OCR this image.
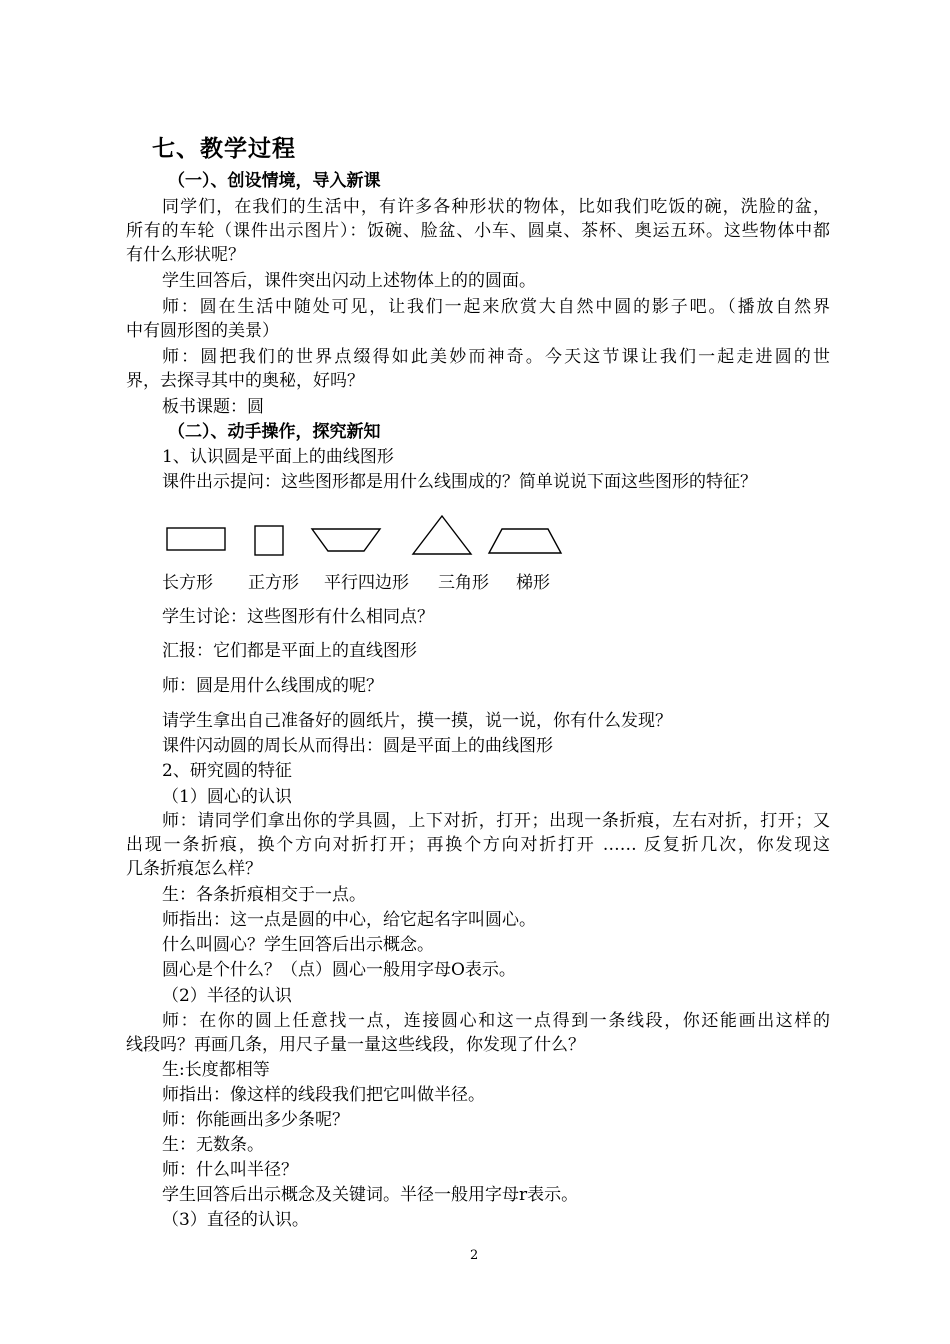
七、教学过程
（一）、创设情境，导入新课
同学们，在我们的生活中，有许多各种形状的物体，比如我们吃饭的碗，洗脸的盆，
所有的车轮（课件出示图片）：饭碗、脸盆、小车、圆桌、茶杯、奥运五环。这些物体中都
有什么形状呢？
学生回答后，课件突出闪动上述物体上的的圆面。
师：圆在生活中随处可见，让我们一起来欣赏大自然中圆的影子吧。（播放自然界
中有圆形图的美景）
师：圆把我们的世界点缀得如此美妙而神奇。今天这节课让我们一起走进圆的世
界，去探寻其中的奥秘，好吗？
板书课题：圆
（二）、动手操作，探究新知
1、认识圆是平面上的曲线图形
课件出示提问：这些图形都是用什么线围成的？简单说说下面这些图形的特征？
长方形 正方形 平行四边形 三角形 梯形
学生讨论：这些图形有什么相同点？
汇报：它们都是平面上的直线图形
师：圆是用什么线围成的呢？
请学生拿出自己准备好的圆纸片，摸一摸，说一说，你有什么发现？
课件闪动圆的周长从而得出：圆是平面上的曲线图形
2、研究圆的特征
（1）圆心的认识
师：请同学们拿出你的学具圆，上下对折，打开；出现一条折痕，左右对折，打开；又
出现一条折痕，换个方向对折打开；再换个方向对折打开 …… 反复折几次，你发现这
几条折痕怎么样？
生：各条折痕相交于一点。
师指出：这一点是圆的中心，给它起名字叫圆心。
什么叫圆心？学生回答后出示概念。
圆心是个什么？（点）圆心一般用字母O表示。
（2）半径的认识
师：在你的圆上任意找一点，连接圆心和这一点得到一条线段，你还能画出这样的
线段吗？再画几条，用尺子量一量这些线段，你发现了什么？
生:长度都相等
师指出：像这样的线段我们把它叫做半径。
师：你能画出多少条呢？
生：无数条。
师：什么叫半径？
学生回答后出示概念及关键词。半径一般用字母r表示。
（3）直径的认识。
2
